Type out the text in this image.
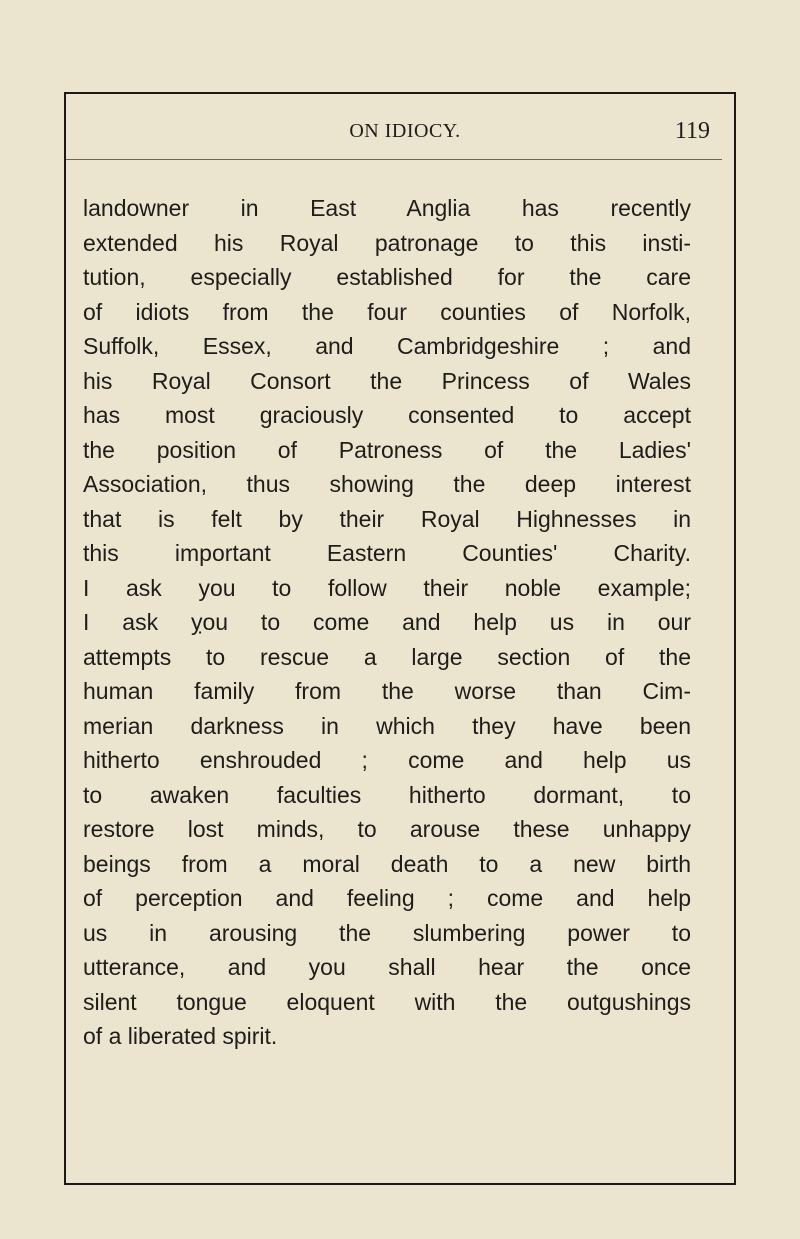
ON IDIOCY.	119
landowner in East Anglia has recently
extended his Royal patronage to this insti-
tution, especially established for the care
of idiots from the four counties of Norfolk,
Suffolk, Essex, and Cambridgeshire ; and
his Royal Consort the Princess of Wales
has most graciously consented to accept
the position of Patroness of the Ladies'
Association, thus showing the deep interest
that is felt by their Royal Highnesses in
this important Eastern Counties' Charity.
I ask you to follow their noble example;
I ask ỵou to come and help us in our
attempts to rescue a large section of the
human family from the worse than Cim-
merian darkness in which they have been
hitherto enshrouded ; come and help us
to awaken faculties hitherto dormant, to
restore lost minds, to arouse these unhappy
beings from a moral death to a new birth
of perception and feeling ; come and help
us in arousing the slumbering power to
utterance, and you shall hear the once
silent tongue eloquent with the outgushings
of a liberated spirit.
